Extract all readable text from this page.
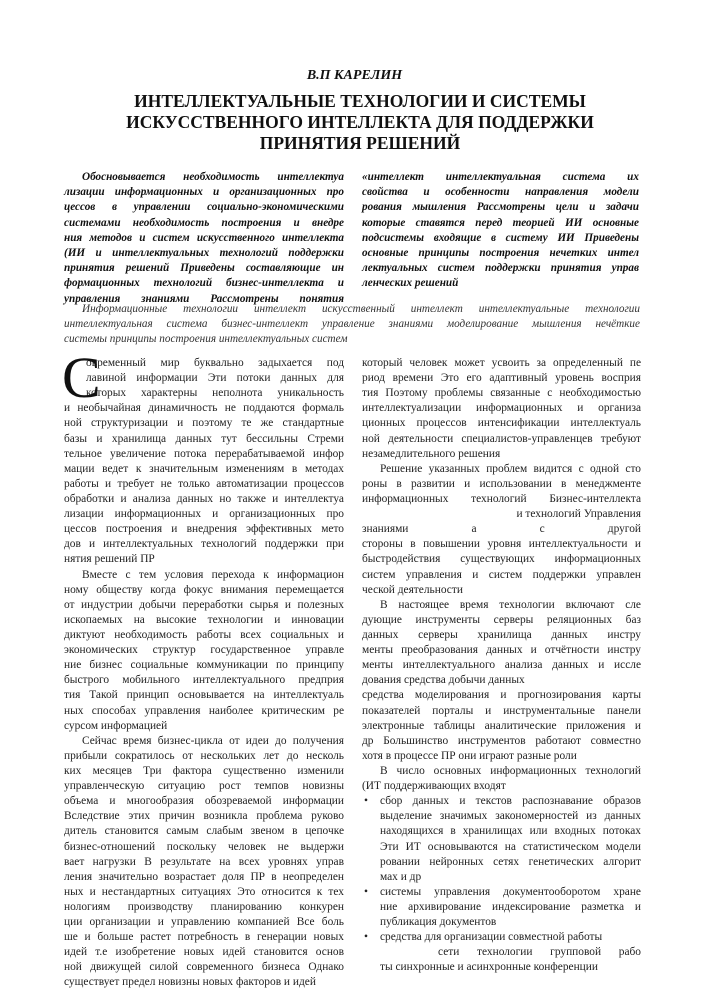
В.П КАРЕЛИН
ИНТЕЛЛЕКТУАЛЬНЫЕ ТЕХНОЛОГИИ И СИСТЕМЫ
ИСКУССТВЕННОГО ИНТЕЛЛЕКТА ДЛЯ ПОДДЕРЖКИ
ПРИНЯТИЯ РЕШЕНИЙ
Обосновывается необходимость интеллектуа
лизации информационных и организационных про
цессов в управлении социально-экономическими
системами необходимость построения и внедре
ния методов и систем искусственного интеллекта
(ИИ и интеллектуальных технологий поддержки
принятия решений Приведены составляющие ин
формационных технологий бизнес-интеллекта и
управления знаниями Рассмотрены понятия
«интеллект интеллектуальная система их
свойства и особенности направления модели
рования мышления Рассмотрены цели и задачи
которые ставятся перед теорией ИИ основные
подсистемы входящие в систему ИИ Приведены
основные принципы построения нечетких интел
лектуальных систем поддержки принятия управ
ленческих решений
Информационные технологии интеллект искусственный интеллект интеллектуальные технологии
интеллектуальная система бизнес-интеллект управление знаниями моделирование мышления нечёткие
системы принципы построения интеллектуальных систем
С
овременный мир буквально задыхается под
лавиной информации Эти потоки данных для
которых характерны неполнота уникальность
и необычайная динамичность не поддаются формаль
ной структуризации и поэтому те же стандартные
базы и хранилища данных тут бессильны Стреми
тельное увеличение потока перерабатываемой инфор
мации ведет к значительным изменениям в методах
работы и требует не только автоматизации процессов
обработки и анализа данных но также и интеллектуа
лизации информационных и организационных про
цессов построения и внедрения эффективных мето
дов и интеллектуальных технологий поддержки при
нятия решений ПР
Вместе с тем условия перехода к информацион
ному обществу когда фокус внимания перемещается
от индустрии добычи переработки сырья и полезных
ископаемых на высокие технологии и инновации
диктуют необходимость работы всех социальных и
экономических структур государственное управле
ние бизнес социальные коммуникации по принципу
быстрого мобильного интеллектуального предприя
тия Такой принцип основывается на интеллектуаль
ных способах управления наиболее критическим ре
сурсом информацией
Сейчас время бизнес-цикла от идеи до получения
прибыли сократилось от нескольких лет до несколь
ких месяцев Три фактора существенно изменили
управленческую ситуацию рост темпов новизны
объема и многообразия обозреваемой информации
Вследствие этих причин возникла проблема руково
дитель становится самым слабым звеном в цепочке
бизнес-отношений поскольку человек не выдержи
вает нагрузки В результате на всех уровнях управ
ления значительно возрастает доля ПР в неопределен
ных и нестандартных ситуациях Это относится к тех
нологиям производству планированию конкурен
ции организации и управлению компанией Все боль
ше и больше растет потребность в генерации новых
идей т.е изобретение новых идей становится основ
ной движущей силой современного бизнеса Однако
существует предел новизны новых факторов и идей
который человек может усвоить за определенный пе
риод времени Это его адаптивный уровень восприя
тия Поэтому проблемы связанные с необходимостью
интеллектуализации информационных и организа
ционных процессов интенсификации интеллектуаль
ной деятельности специалистов-управленцев требуют
незамедлительного решения
Решение указанных проблем видится с одной сто
роны в развитии и использовании в менеджменте
информационных технологий Бизнес-интеллекта
и технологий Управления
знаниями а с другой
стороны в повышении уровня интеллектуальности и
быстродействия существующих информационных
систем управления и систем поддержки управлен
ческой деятельности
В настоящее время технологии включают сле
дующие инструменты серверы реляционных баз
данных серверы хранилища данных инстру
менты преобразования данных и отчётности инстру
менты интеллектуального анализа данных и иссле
дования средства добычи данных
средства моделирования и прогнозирования карты
показателей порталы и инструментальные панели
электронные таблицы аналитические приложения и
др Большинство инструментов работают совместно
хотя в процессе ПР они играют разные роли
В число основных информационных технологий
(ИТ поддерживающих входят
• сбор данных и текстов распознавание образов
выделение значимых закономерностей из данных
находящихся в хранилищах или входных потоках
Эти ИТ основываются на статистическом модели
ровании нейронных сетях генетических алгорит
мах и др
• системы управления документооборотом хране
ние архивирование индексирование разметка и
публикация документов
• средства для организации совместной работы
сети технологии групповой рабо
ты синхронные и асинхронные конференции
